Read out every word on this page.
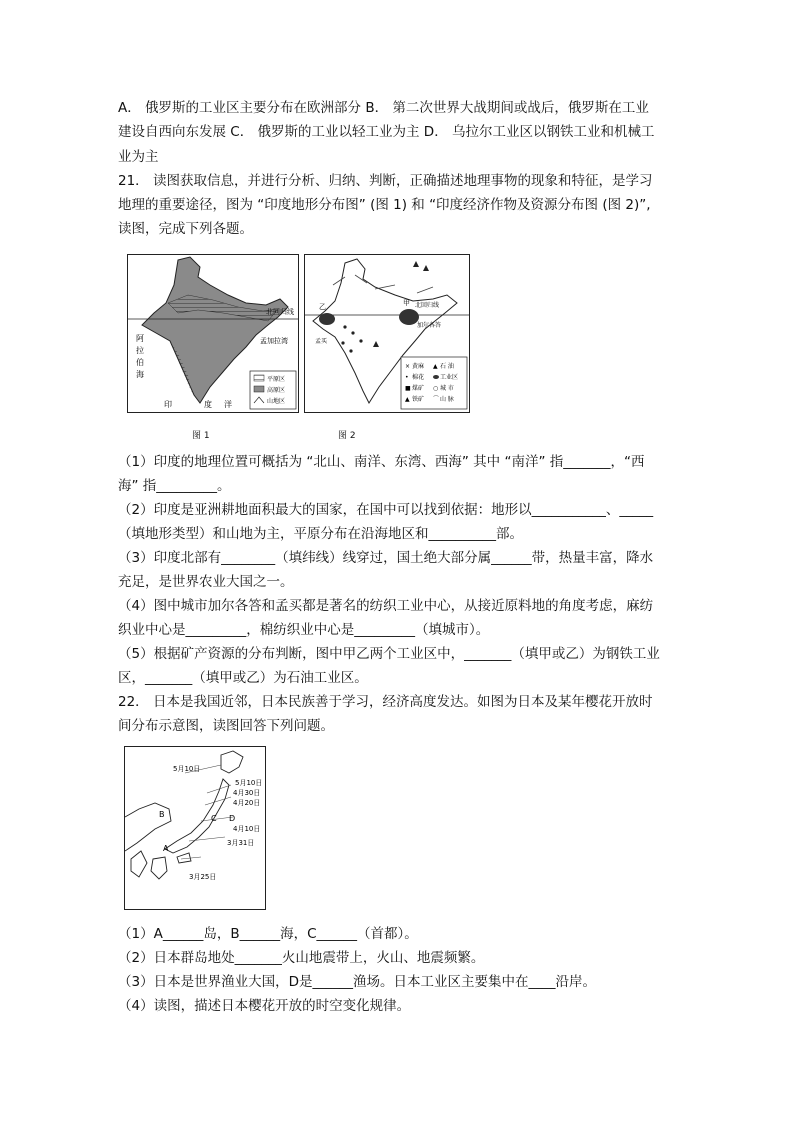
A． 俄罗斯的工业区主要分布在欧洲部分 B． 第二次世界大战期间或战后，俄罗斯在工业
建设自西向东发展 C． 俄罗斯的工业以轻工业为主 D． 乌拉尔工业区以钢铁工业和机械工
业为主
21． 读图获取信息，并进行分析、归纳、判断，正确描述地理事物的现象和特征，是学习
地理的重要途径，图为 “印度地形分布图” (图 1) 和 “印度经济作物及资源分布图 (图 2)”,
读图，完成下列各题。
北回归线
孟加拉湾
阿
拉
伯
海
印	度 洋
平原区
高原区
山地区
图 1
甲
乙	北回归线
加尔各答
孟买
× 黄麻 ▲ 石 油
• 棉花	工业区
■ 煤矿 ○ 城 市
▲ 铁矿 ⌒ 山 脉
图 2
（1）印度的地理位置可概括为 “北山、南洋、东湾、西海” 其中 “南洋” 指_______，“西
海” 指_________。
（2）印度是亚洲耕地面积最大的国家，在国中可以找到依据：地形以___________、_____
（填地形类型）和山地为主，平原分布在沿海地区和__________部。
（3）印度北部有________（填纬线）线穿过，国土绝大部分属______带，热量丰富，降水
充足，是世界农业大国之一。
（4）图中城市加尔各答和孟买都是著名的纺织工业中心，从接近原料地的角度考虑，麻纺
织业中心是_________，棉纺织业中心是_________（填城市）。
（5）根据矿产资源的分布判断，图中甲乙两个工业区中，_______（填甲或乙）为钢铁工业
区，_______（填甲或乙）为石油工业区。
22． 日本是我国近邻，日本民族善于学习，经济高度发达。如图为日本及某年樱花开放时
间分布示意图，读图回答下列问题。
5月10日
5月10日
4月30日
4月20日
4月10日
3月31日
3月25日
B
A
C D
（1）A______岛，B______海，C______（首都）。
（2）日本群岛地处_______火山地震带上，火山、地震频繁。
（3）日本是世界渔业大国，D是______渔场。日本工业区主要集中在____沿岸。
（4）读图，描述日本樱花开放的时空变化规律。
